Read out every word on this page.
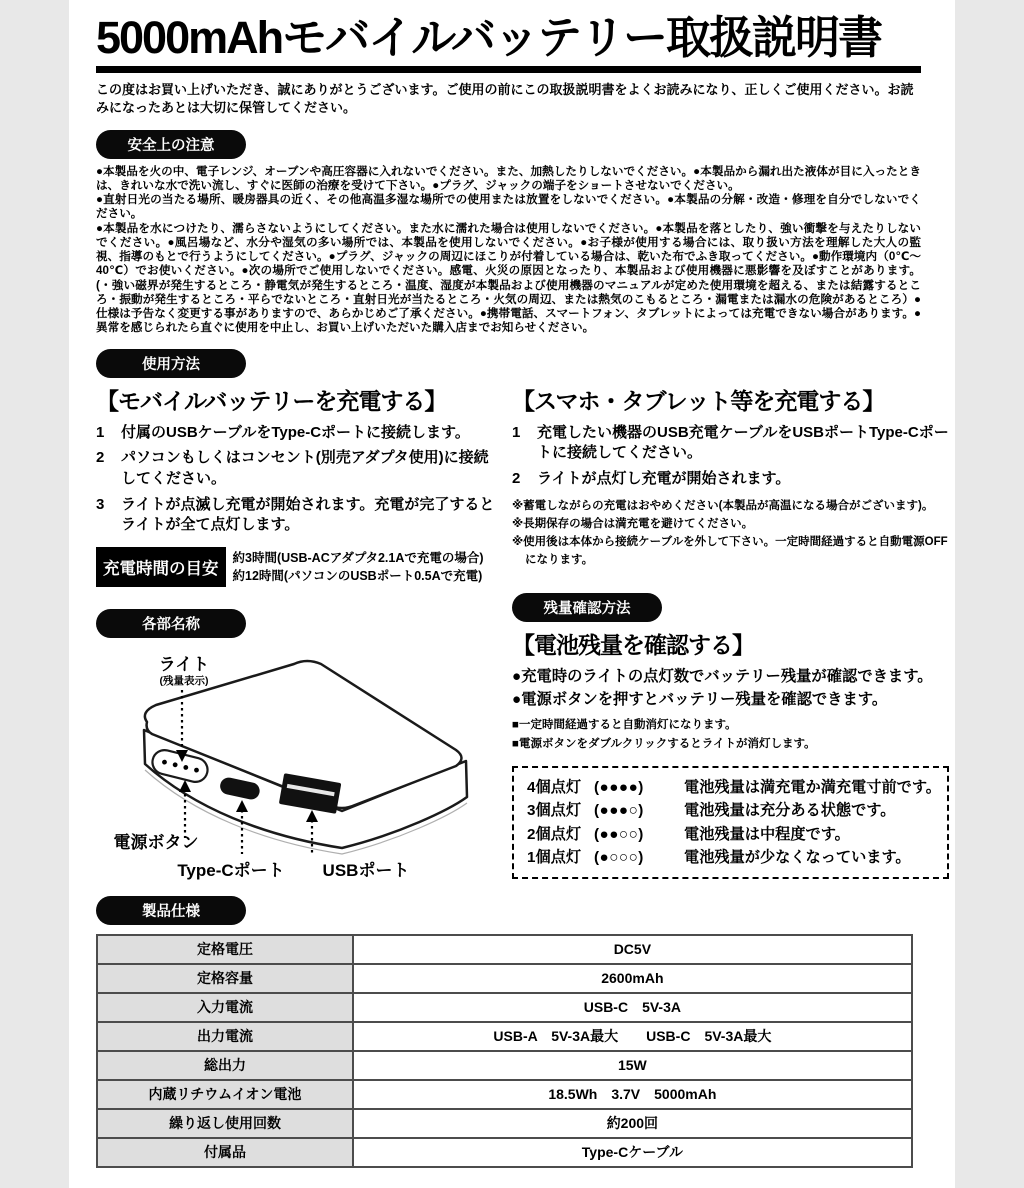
5000mAhモバイルバッテリー取扱説明書

この度はお買い上げいただき、誠にありがとうございます。ご使用の前にこの取扱説明書をよくお読みになり、正しくご使用ください。お読みになったあとは大切に保管してください。

安全上の注意

●本製品を火の中、電子レンジ、オーブンや高圧容器に入れないでください。また、加熱したりしないでください。●本製品から漏れ出た液体が目に入ったときは、きれいな水で洗い流し、すぐに医師の治療を受けて下さい。●プラグ、ジャックの端子をショートさせないでください。

●直射日光の当たる場所、暖房器具の近く、その他高温多湿な場所での使用または放置をしないでください。●本製品の分解・改造・修理を自分でしないでください。

●本製品を水につけたり、濡らさないようにしてください。また水に濡れた場合は使用しないでください。●本製品を落としたり、強い衝撃を与えたりしないでください。●風呂場など、水分や湿気の多い場所では、本製品を使用しないでください。●お子様が使用する場合には、取り扱い方法を理解した大人の監視、指導のもとで行うようにしてください。●プラグ、ジャックの周辺にほこりが付着している場合は、乾いた布でふき取ってください。●動作環境内（0℃～40℃）でお使いください。●次の場所でご使用しないでください。感電、火災の原因となったり、本製品および使用機器に悪影響を及ぼすことがあります。(・強い磁界が発生するところ・静電気が発生するところ・温度、湿度が本製品および使用機器のマニュアルが定めた使用環境を超える、または結露するところ・振動が発生するところ・平らでないところ・直射日光が当たるところ・火気の周辺、または熱気のこもるところ・漏電または漏水の危険があるところ）●仕様は予告なく変更する事がありますので、あらかじめご了承ください。●携帯電話、スマートフォン、タブレットによっては充電できない場合があります。●異常を感じられたら直ぐに使用を中止し、お買い上げいただいた購入店までお知らせください。

使用方法
【モバイルバッテリーを充電する】
1	付属のUSBケーブルをType-Cポートに接続します。
2	パソコンもしくはコンセント(別売アダプタ使用)に接続してください。
3	ライトが点滅し充電が開始されます。充電が完了するとライトが全て点灯します。
充電時間の目安
約3時間(USB-ACアダプタ2.1Aで充電の場合)
約12時間(パソコンのUSBポート0.5Aで充電)
各部名称
ライト
(残量表示)
電源ボタン
Type-Cポート	USBポート
【スマホ・タブレット等を充電する】
1	充電したい機器のUSB充電ケーブルをUSBポートType-Cポートに接続してください。
2	ライトが点灯し充電が開始されます。

※蓄電しながらの充電はおやめください(本製品が高温になる場合がございます)。

※長期保存の場合は満充電を避けてください。

※使用後は本体から接続ケーブルを外して下さい。一定時間経過すると自動電源OFFになります。

残量確認方法
【電池残量を確認する】

●充電時のライトの点灯数でバッテリー残量が確認できます。

●電源ボタンを押すとバッテリー残量を確認できます。

■一定時間経過すると自動消灯になります。

■電源ボタンをダブルクリックするとライトが消灯します。

4個点灯 (●●●●)	電池残量は満充電か満充電寸前です。
3個点灯 (●●●○)	電池残量は充分ある状態です。
2個点灯 (●●○○)	電池残量は中程度です。
1個点灯 (●○○○)	電池残量が少なくなっています。
製品仕様
定格電圧	DC5V
定格容量	2600mAh
入力電流	USB-C　5V-3A
出力電流	USB-A　5V-3A最大　　USB-C　5V-3A最大
総出力	15W
内蔵リチウムイオン電池	18.5Wh　3.7V　5000mAh
繰り返し使用回数	約200回
付属品	Type-Cケーブル
